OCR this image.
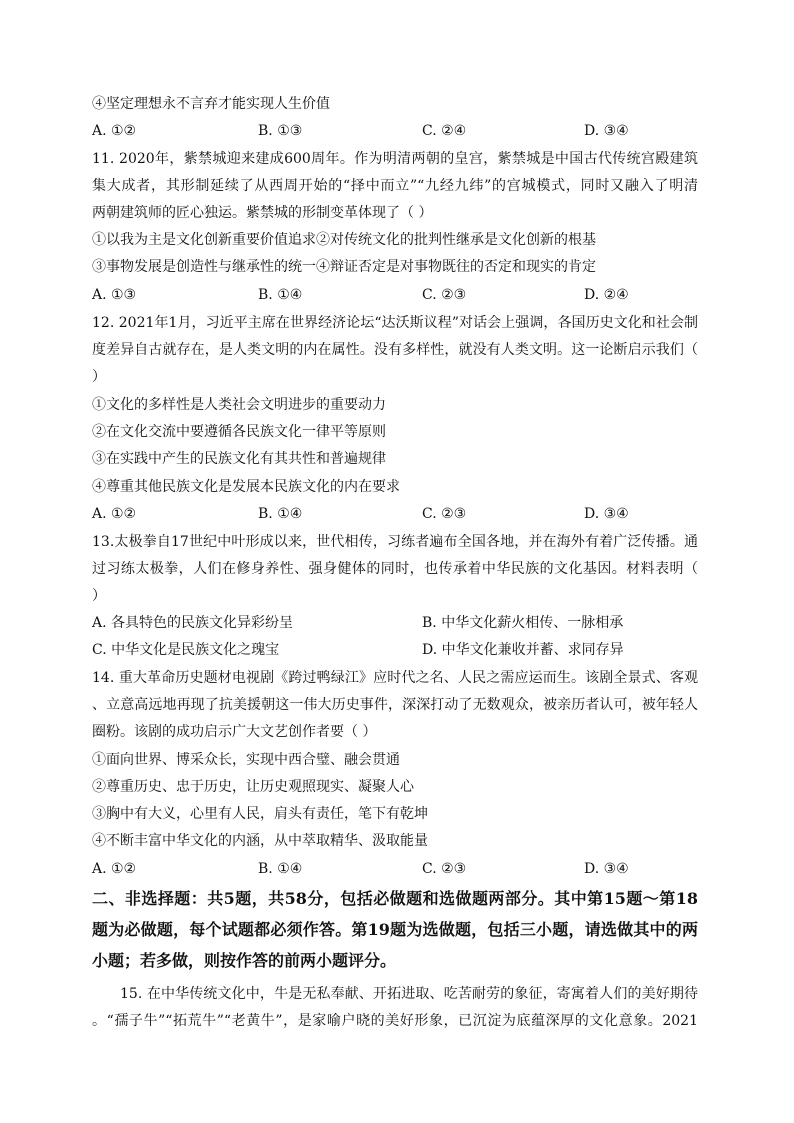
④坚定理想永不言弃才能实现人生价值
A. ①②	B. ①③	C. ②④	D. ③④
11. 2020年，紫禁城迎来建成600周年。作为明清两朝的皇宫，紫禁城是中国古代传统宫殿建筑
集大成者，其形制延续了从西周开始的“择中而立”“九经九纬”的宫城模式，同时又融入了明清
两朝建筑师的匠心独运。紫禁城的形制变革体现了（ ）
①以我为主是文化创新重要价值追求②对传统文化的批判性继承是文化创新的根基
③事物发展是创造性与继承性的统一④辩证否定是对事物既往的否定和现实的肯定
A. ①③	B. ①④	C. ②③	D. ②④
12. 2021年1月，习近平主席在世界经济论坛“达沃斯议程”对话会上强调，各国历史文化和社会制
度差异自古就存在，是人类文明的内在属性。没有多样性，就没有人类文明。这一论断启示我们（
）
①文化的多样性是人类社会文明进步的重要动力
②在文化交流中要遵循各民族文化一律平等原则
③在实践中产生的民族文化有其共性和普遍规律
④尊重其他民族文化是发展本民族文化的内在要求
A. ①②	B. ①④	C. ②③	D. ③④
13.太极拳自17世纪中叶形成以来，世代相传，习练者遍布全国各地，并在海外有着广泛传播。通
过习练太极拳，人们在修身养性、强身健体的同时，也传承着中华民族的文化基因。材料表明（
）
A. 各具特色的民族文化异彩纷呈	B. 中华文化薪火相传、一脉相承
C. 中华文化是民族文化之瑰宝	D. 中华文化兼收并蓄、求同存异
14. 重大革命历史题材电视剧《跨过鸭绿江》应时代之名、人民之需应运而生。该剧全景式、客观
、立意高远地再现了抗美援朝这一伟大历史事件，深深打动了无数观众，被亲历者认可，被年轻人
圈粉。该剧的成功启示广大文艺创作者要（ ）
①面向世界、博采众长，实现中西合璧、融会贯通
②尊重历史、忠于历史，让历史观照现实、凝聚人心
③胸中有大义，心里有人民，肩头有责任，笔下有乾坤
④不断丰富中华文化的内涵，从中萃取精华、汲取能量
A. ①②	B. ①④	C. ②③	D. ③④
二、非选择题：共5题，共58分，包括必做题和选做题两部分。其中第15题～第18
题为必做题，每个试题都必须作答。第19题为选做题，包括三小题，请选做其中的两
小题；若多做，则按作答的前两小题评分。
15. 在中华传统文化中，牛是无私奉献、开拓进取、吃苦耐劳的象征，寄寓着人们的美好期待
。“孺子牛”“拓荒牛”“老黄牛”，是家喻户晓的美好形象，已沉淀为底蕴深厚的文化意象。2021
